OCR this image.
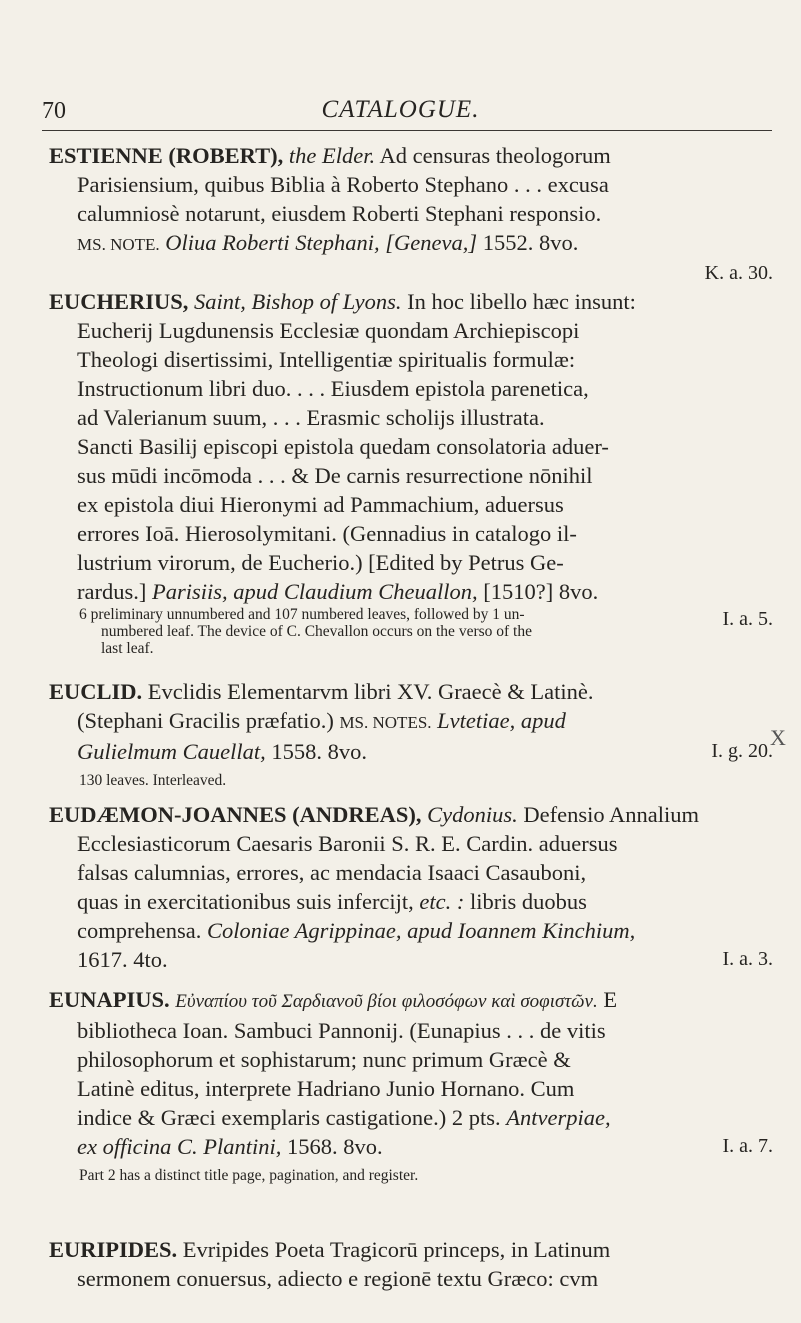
70	CATALOGUE.
ESTIENNE (ROBERT), the Elder. Ad censuras theologorum
Parisiensium, quibus Biblia à Roberto Stephano . . . excusa
calumniosè notarunt, eiusdem Roberti Stephani responsio.
MS. NOTE. Oliua Roberti Stephani, [Geneva,] 1552. 8vo.
K. a. 30.
EUCHERIUS, Saint, Bishop of Lyons. In hoc libello hæc insunt:
Eucherij Lugdunensis Ecclesiæ quondam Archiepiscopi
Theologi disertissimi, Intelligentiæ spiritualis formulæ:
Instructionum libri duo. . . . Eiusdem epistola parenetica,
ad Valerianum suum, . . . Erasmic scholijs illustrata.
Sancti Basilij episcopi epistola quedam consolatoria aduer-
sus mūdi incōmoda . . . & De carnis resurrectione nōnihil
ex epistola diui Hieronymi ad Pammachium, aduersus
errores Ioā. Hierosolymitani. (Gennadius in catalogo il-
lustrium virorum, de Eucherio.) [Edited by Petrus Ge-
rardus.] Parisiis, apud Claudium Cheuallon, [1510?] 8vo.
I. a. 5.
6 preliminary unnumbered and 107 numbered leaves, followed by 1 un-
numbered leaf. The device of C. Chevallon occurs on the verso of the
last leaf.
EUCLID. Evclidis Elementarvm libri XV. Graecè & Latinè.
(Stephani Gracilis præfatio.) MS. NOTES. Lvtetiae, apud
Gulielmum Cauellat, 1558. 8vo.	I. g. 20.
130 leaves. Interleaved.
X
EUDÆMON-JOANNES (ANDREAS), Cydonius. Defensio Annalium
Ecclesiasticorum Caesaris Baronii S. R. E. Cardin. aduersus
falsas calumnias, errores, ac mendacia Isaaci Casauboni,
quas in exercitationibus suis infercijt, etc. : libris duobus
comprehensa. Coloniae Agrippinae, apud Ioannem Kinchium,
1617. 4to.	I. a. 3.
EUNAPIUS. Εὐναπίου τοῦ Σαρδιανοῦ βίοι φιλοσόφων καὶ σοφιστῶν. E
bibliotheca Ioan. Sambuci Pannonij. (Eunapius . . . de vitis
philosophorum et sophistarum; nunc primum Græcè &
Latinè editus, interprete Hadriano Junio Hornano. Cum
indice & Græci exemplaris castigatione.) 2 pts. Antverpiae,
ex officina C. Plantini, 1568. 8vo.	I. a. 7.
Part 2 has a distinct title page, pagination, and register.
EURIPIDES. Evripides Poeta Tragicorū princeps, in Latinum
sermonem conuersus, adiecto e regionē textu Græco: cvm
